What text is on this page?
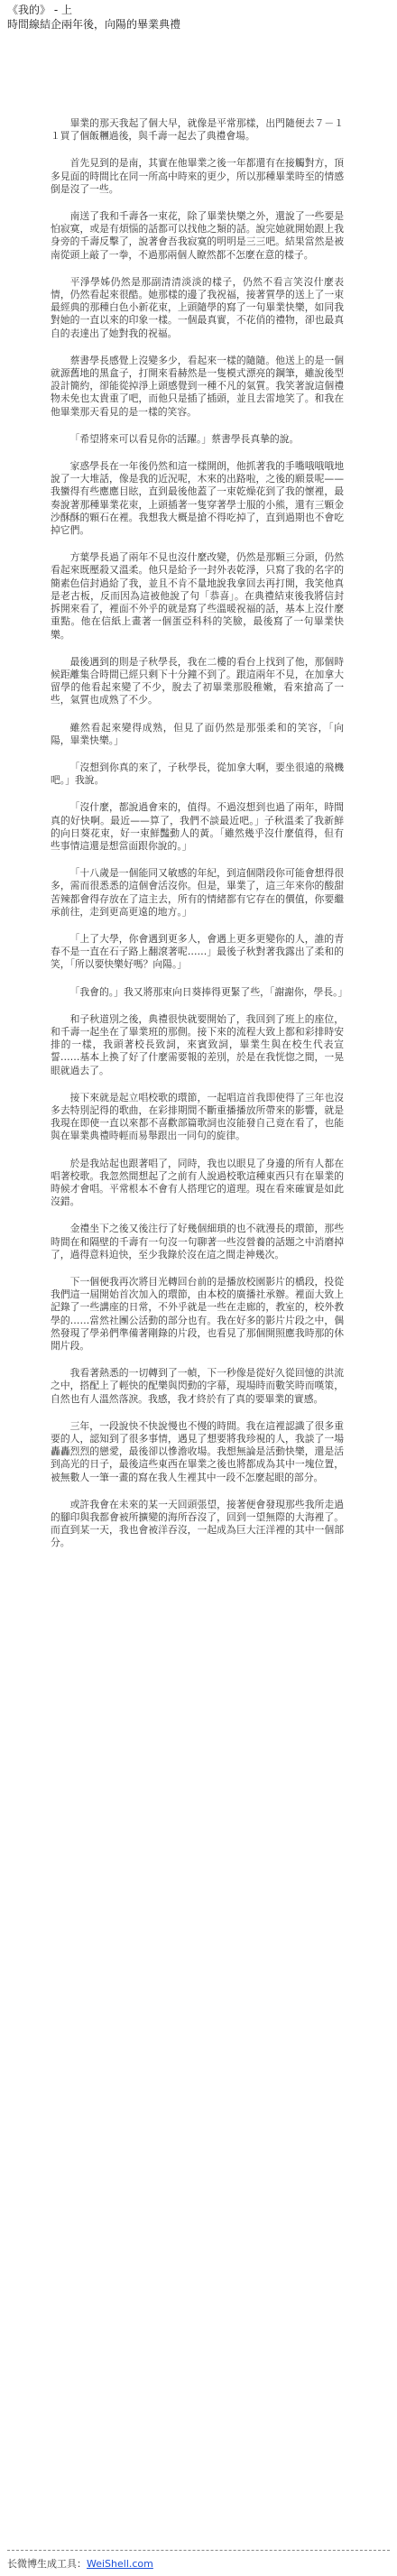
《我的》 - 上
時間線結企兩年後，向陽的畢業典禮

畢業的那天我起了個大早，就像是平常那樣，出門隨便去７－１１買了個飯糰過後，與千壽一起去了典禮會場。

首先見到的是南，其實在他畢業之後一年都還有在接觸對方，頂多見面的時間比在同一所高中時來的更少，所以那種畢業時至的情感倒是沒了一些。

南送了我和千壽各一束花，除了畢業快樂之外，還說了一些要是怕寂寞，或是有煩惱的話都可以找他之類的話。說完她就開始跟上我身旁的千壽反擊了，說著會吾我寂寞的明明是三三吧。結果當然是被南從頭上敲了一拳，不過那兩個人瞭然都不怎麼在意的樣子。

平淨學姊仍然是那副清清淡淡的樣子，仍然不看言笑沒什麼表情，仍然看起來很酷。她那樣的邊了我祝福，接著質學的送上了一束最經典的那種白色小新花束，上頭隨學的寫了一句畢業快樂，如同我對她的一直以來的印象一樣。一個最真實，不花俏的禮物，卻也最真自的表達出了她對我的祝福。

蔡書學長感覺上沒變多少，看起來一樣的隨隨。他送上的是一個就源舊地的黑盒子，打開來看赫然是一隻模式漂亮的鋼筆，雖說後型設計簡約，卻能從掉淨上頭感覺到一種不凡的氣質。我笑著說這個禮物未免也太貴重了吧，而他只是插了插頭，並且去雷地笑了。和我在他畢業那天看見的是一樣的笑容。

「希望將來可以看見你的活躍。」蔡書學長真摯的說。

家惑學長在一年後仍然和這一樣開朗，他抓著我的手嘴哦哦哦地說了一大堆話，像是我的近況呢，木來的出路啦，之後的願景呢——我蠻得有些應應目眩，直到最後他蓋了一束乾燥花到了我的懷裡，最奏說著那種畢業花束，上頭插著一隻穿著學士服的小熊，還有三顆金沙酥酥的顆石在裡。我想我大概是搶不得吃掉了，直到過期也不會吃掉它們。

方葉學長過了兩年不見也沒什麼改變，仍然是那顆三分頭，仍然看起來既壓殺又溫柔。他只是給予一封外表乾淨，只寫了我的名字的簡素色信封過給了我，並且不肯不量地說我拿回去再打開，我笑他真是老古板，反而因為這被他說了句「恭喜」。在典禮結束後我將信封拆開來看了，裡面不外乎的就是寫了些溫暖祝福的話，基本上沒什麼重點。他在信紙上畫著一個蛋亞科科的笑臉，最後寫了一句畢業快樂。

最後遇到的則是子秋學長，我在二樓的看台上找到了他，那個時候距離集合時間已經只剩下十分鐘不到了。跟這兩年不見，在加拿大留學的他看起來變了不少，脫去了初畢業那股稚嫩，看來搶高了一些，氣質也成熟了不少。

雖然看起來變得成熟，但見了面仍然是那張柔和的笑容，「向陽，畢業快樂。」

「沒想到你真的來了，子秋學長，從加拿大啊，要坐很遠的飛機吧。」我說。

「沒什麼，都說過會來的，值得。不過沒想到也過了兩年，時間真的好快啊。最近——算了，我們不談最近吧。」子秋溫柔了我新鮮的向日葵花束，好一束鮮豔動人的黃。「雖然幾乎沒什麼值得，但有些事情這還是想當面跟你說的。」

「十八歲是一個能同又敏感的年紀，到這個階段你可能會想得很多，需而很悉悉的這個會活沒你。但是，畢業了，這三年來你的酸甜苦辣都會得存放在了這主去，所有的情緒都有它存在的價值，你要繼承前往，走到更高更遠的地方。」

「上了大學，你會遇到更多人，會遇上更多更變你的人，誰的青春不是一直在石子路上翻滾著呢……」最後子秋對著我露出了柔和的笑，「所以要快樂好嗎？向陽。」

「我會的。」我又將那束向日葵捧得更緊了些，「謝謝你，學長。」

和子秋道別之後，典禮很快就要開始了，我回到了班上的座位，和千壽一起坐在了畢業班的那側。接下來的流程大致上都和彩排時安排的一樣，我頭著校長致詞，來賓致詞，畢業生與在校生代表宣誓……基本上換了好了什麼需要報的差別，於是在我恍惚之間，一晃眼就過去了。

接下來就是起立唱校歌的環節，一起唱這首我即使得了三年也沒多去特別記得的歌曲，在彩排期間不斷重播播放所帶來的影響，就是我現在即使一直以來都不喜歡部篇歌詞也沒能發自己竟在看了，也能與在畢業典禮時輕而易舉跟出一同句的旋律。

於是我站起也跟著唱了，同時，我也以眼見了身邊的所有人都在唱著校歌。我忽然間想起了之前有人說過校歌這種東西只有在畢業的時候才會唱。平常根本不會有人搭理它的道理。現在看來確實是如此沒錯。

金禮坐下之後又後注行了好幾個細瑣的也不就漫長的環節，那些時間在和隔壁的千壽有一句沒一句聊著一些沒營養的話題之中消磨掉了，過得意料迫快，至少我錄於沒在這之間走神幾次。

下一個便我再次將目光轉回台前的是播放校園影片的橋段，投從我們這一屆開始首次加入的環節，由本校的廣播社承辦。裡面大致上記錄了一些講座的日常，不外乎就是一些在走廊的，教室的，校外教學的……當然社團公活動的部分也有。我在好多的影片片段之中，偶然發現了學弟們準備著剛錄的片段，也看見了那個開照應我時那的休閒片段。

我看著熱悉的一切轉到了一幀，下一秒像是從好久從回憶的洪流之中，搭配上了輕快的配樂與閃動的字幕，現場時而數笑時而嘆策，自然也有人溫然落淚。我感，我才終於有了真的要畢業的實感。

三年，一段說快不快說慢也不慢的時間。我在這裡認識了很多重要的人，認知到了很多事情，遇見了想要將我珍視的人，我談了一場轟轟烈烈的戀愛，最後卻以慘澹收場。我想無論是活動快樂，還是活到高光的日子，最後這些東西在畢業之後也將都成為其中一塊位置，被無數人一筆一畫的寫在我人生裡其中一段不怎麼起眼的部分。

或許我會在未來的某一天回頭張望，接著便會發現那些我所走過的腳印與我都會被所擴變的海所吞沒了，回到一望無際的大海裡了。而直到某一天，我也會被洋吞沒，一起成為巨大汪洋裡的其中一個部分。

长微博生成工具：WeiShell.com
